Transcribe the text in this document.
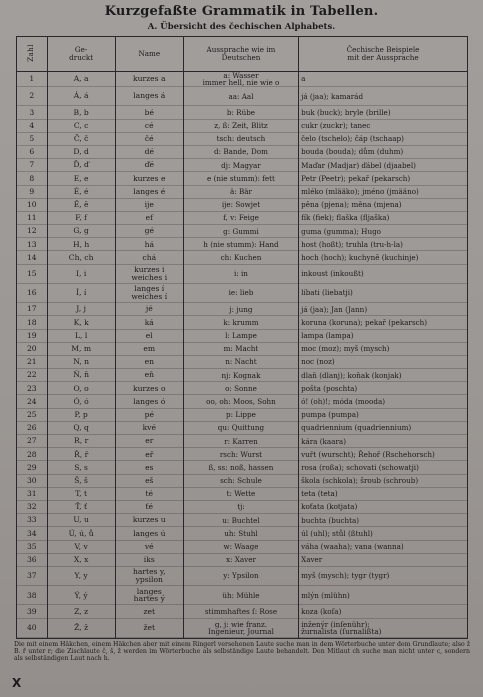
Kurzgefaßte Grammatik in Tabellen.
A. Übersicht des čechischen Alphabets.
Zahl	Ge-
druckt	Name	Aussprache wie im
Deutschen	Čechische Beispiele
mit der Aussprache
1	A, a	kurzes a	a: Wasser
immer hell, nie wie o	a
2	Á, á	langes á	aa: Aal	já (jaa); kamarád
3	B, b	bé	b: Rübe	buk (buck); bryle (brille)
4	C, c	cé	z, ß: Zeit, Blitz	cukr (zuckr); tanec
5	Č, č	čé	tsch: deutsch	čelo (tschelo); čáp (tschaap)
6	D, d	dé	d: Bande, Dom	bouda (bouda); dům (duhm)
7	Ď, ď	ďé	dj: Magyar	Maďar (Madjar) ďábel (djaabel)
8	E, e	kurzes e	e (nie stumm): fett	Petr (Peetr); pekař (pekarsch)
9	É, é	langes é	ä: Bär	mléko (mlääko); jméno (jmääno)
10	Ě, ě	ije	ije: Sowjet	pěna (pjena); měna (mjena)
11	F, f	ef	f, v: Feige	fík (fiek); flaška (fljaška)
12	G, g	gé	g: Gummi	guma (gumma); Hugo
13	H, h	há	h (nie stumm): Hand	host (hoßt); truhla (tru-h-la)
14	Ch, ch	chá	ch: Kuchen	hoch (hoch); kuchyně (kuchinje)
15	I, i	kurzes i
weiches i	i: in	inkoust (inkoußt)
16	Í, í	langes í
weiches í	ie: lieb	líbati (liebatji)
17	J, j	jé	j: jung	já (jaa); Jan (Jann)
18	K, k	ká	k: krumm	koruna (koruna); pekař (pekarsch)
19	L, l	el	l: Lampe	lampa (lampa)
20	M, m	em	m: Macht	moc (moz); myš (mysch)
21	N, n	en	n: Nacht	noc (noz)
22	Ň, ň	eň	nj: Kognak	dlaň (dlanj); koňak (konjak)
23	O, o	kurzes o	o: Sonne	pošta (poschta)
24	Ó, ó	langes ó	oo, oh: Moos, Sohn	ó! (oh)!; móda (mooda)
25	P, p	pé	p: Lippe	pumpa (pumpa)
26	Q, q	kvé	qu: Quittung	quadriennium (quadriennium)
27	R, r	er	r: Karren	kára (kaara)
28	Ř, ř	eř	rsch: Wurst	vuřt (wurscht); Řehoř (Rschehorsch)
29	S, s	es	ß, ss: noß, hassen	rosa (roßa); schovati (schowatji)
30	Š, š	eš	sch: Schule	škola (schkola); šroub (schroub)
31	T, t	té	t: Wette	teta (teta)
32	Ť, ť	ťé	tj:	koťata (kotjata)
33	U, u	kurzes u	u: Buchtel	buchta (buchta)
34	Ú, ú, ů	langes ú	uh: Stuhl	úl (uhl); stůl (ßtuhl)
35	V, v	vé	w: Waage	váha (waaha); vana (wanna)
36	X, x	iks	x: Xaver	Xaver
37	Y, y	hartes y,
ypsilon	y: Ypsilon	myš (mysch); tygr (tygr)
38	Ý, ý	langes
hartes ý	üh: Mühle	mlýn (mlühn)
39	Z, z	zet	stimmhaftes ſ: Rose	koza (koſa)
40	Ž, ž	žet	g, j: wie franz.
Ingenieur, Journal	inženýr (inſenühr);
žurnalista (ſurnalißta)
Die mit einem Häkchen, einem Häkchen aber mit einem Ringerl versehenen Laute suche man in dem Wörterbuche unter dem Grundlaute; also ž B. ř unter r; die Zischlaute č, š, ž werden im Wörterbuche als selbständige Laute behandelt. Den Mitlaut ch suche man nicht unter c, sondern als selbständigen Laut nach h.
X
